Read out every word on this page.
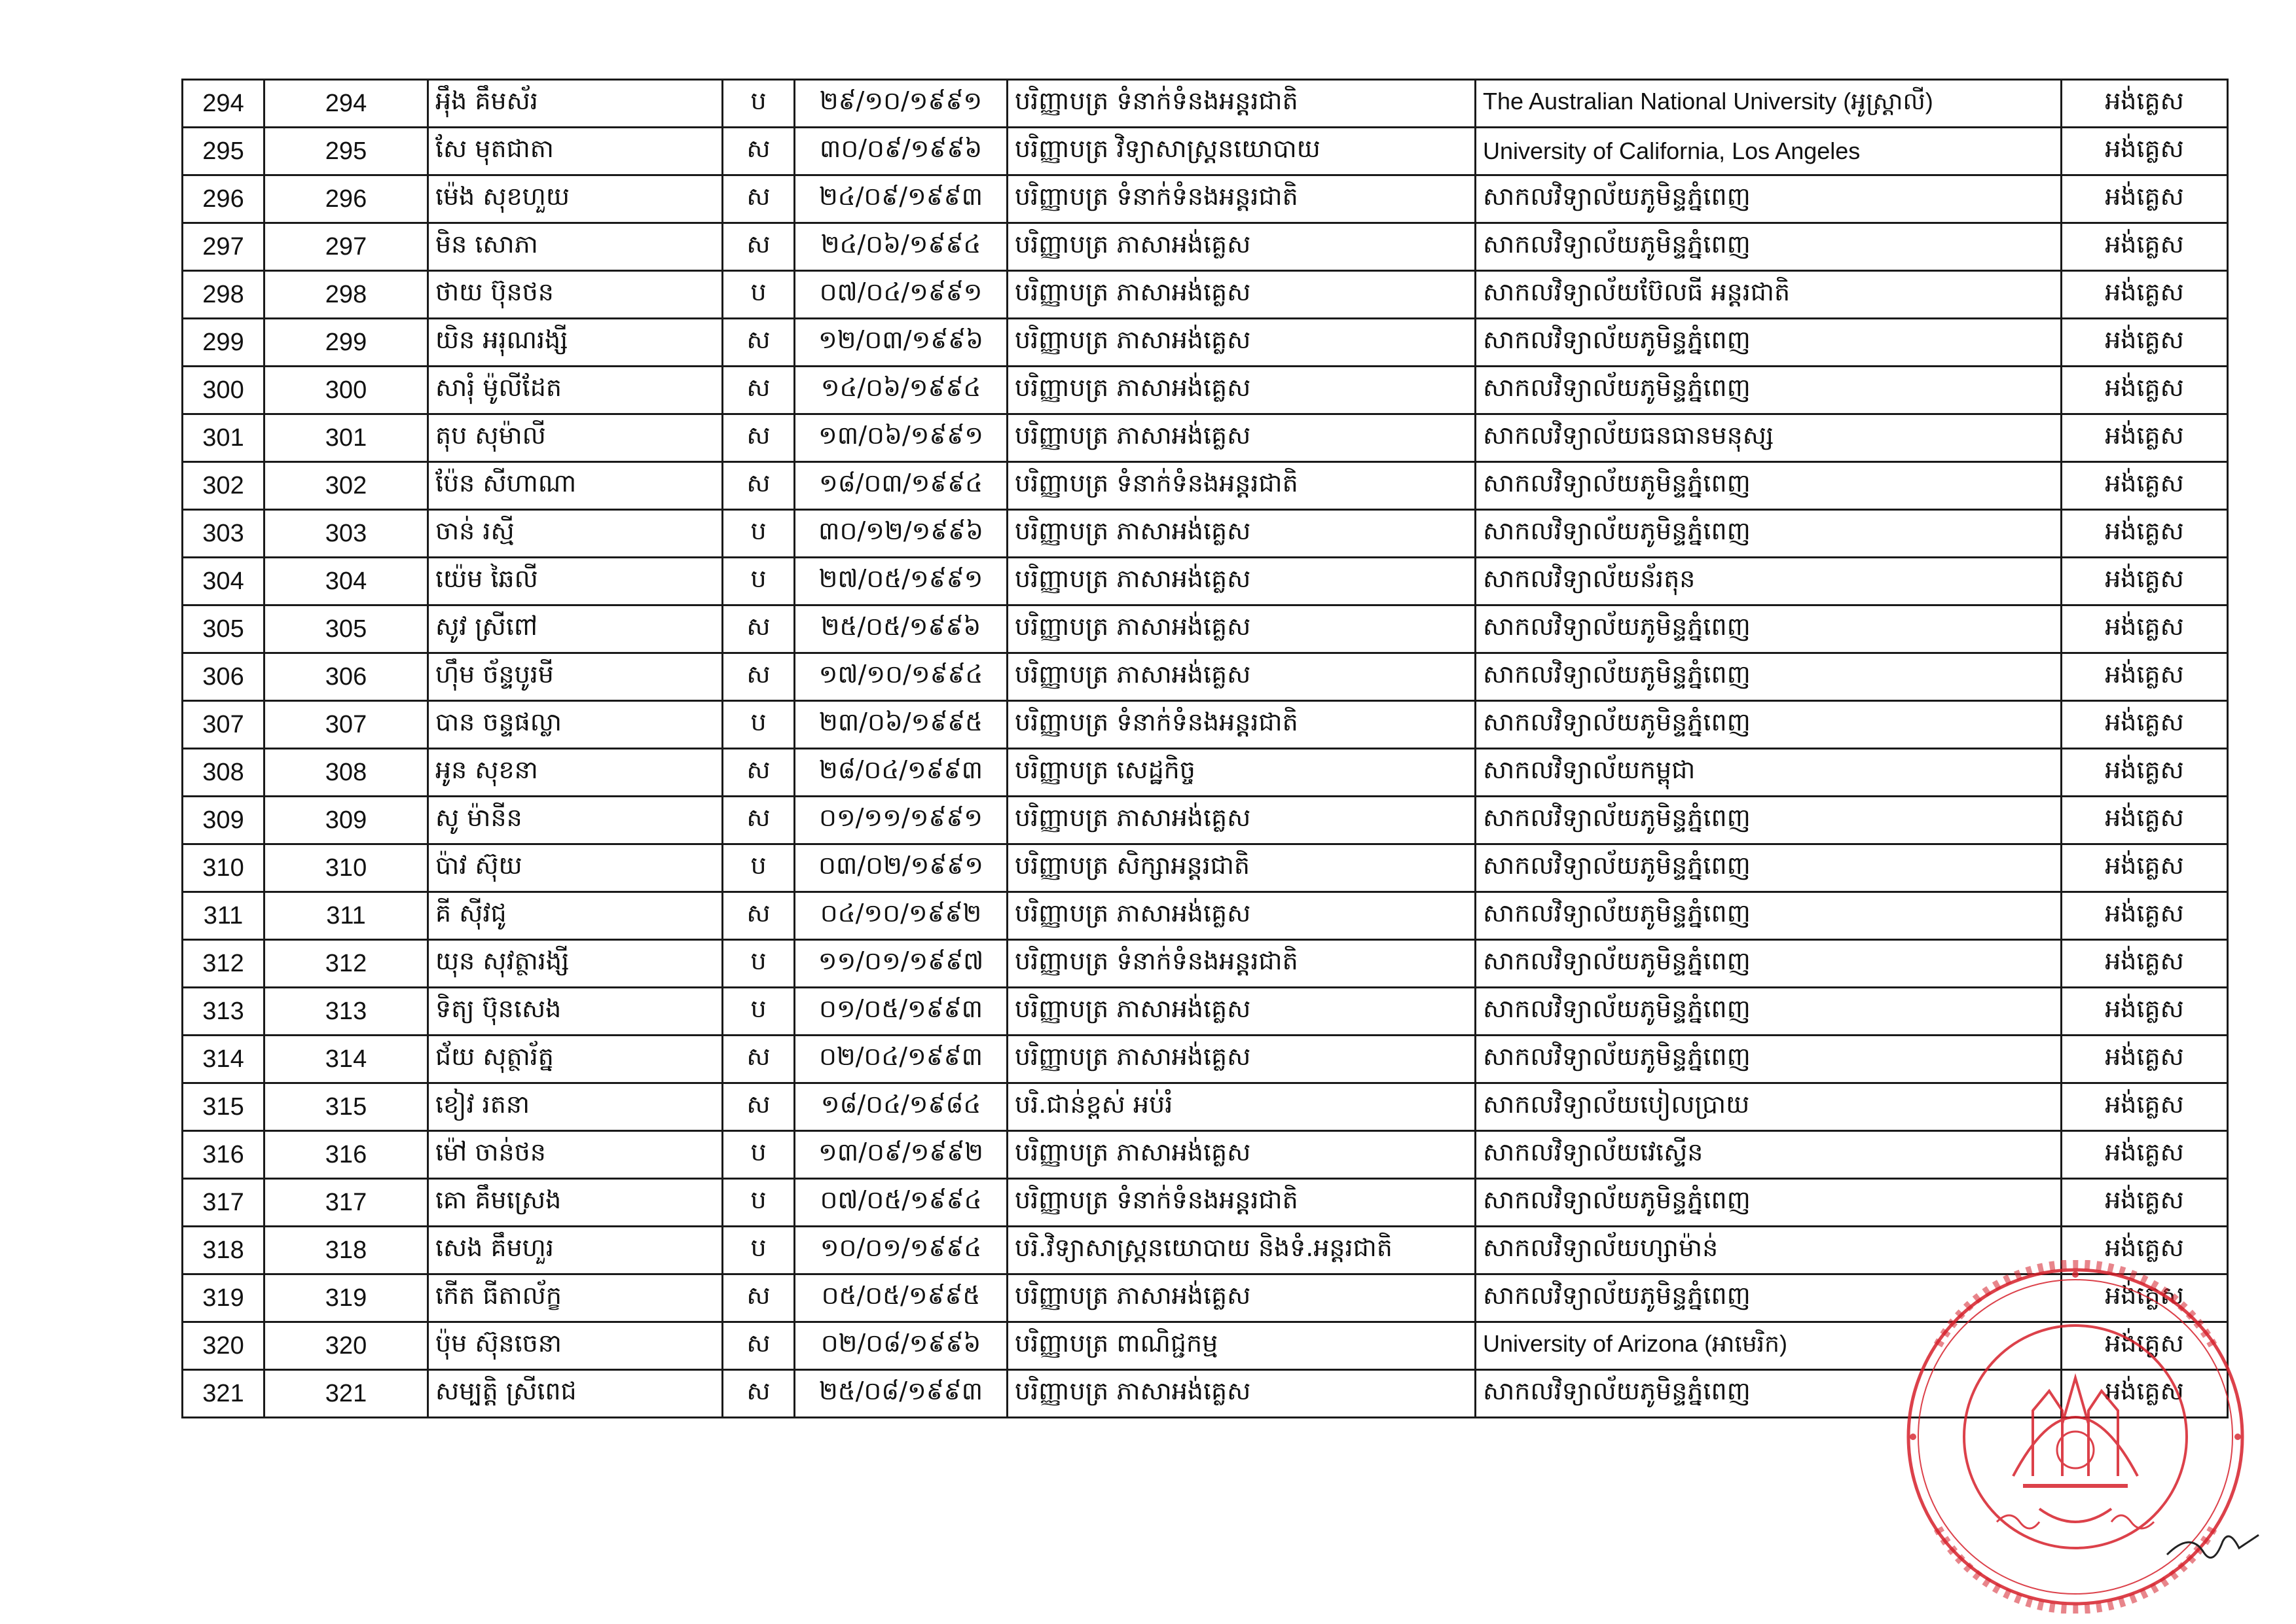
294	294	អុឹង គឹមស័រ	ប	២៩/១០/១៩៩១	បរិញ្ញាបត្រ ទំនាក់ទំនងអន្តរជាតិ	The Australian National University (អូស្ត្រាលី)	អង់គ្លេស
295	295	សែ មុតជាតា	ស	៣០/០៩/១៩៩៦	បរិញ្ញាបត្រ វិទ្យាសាស្ត្រនយោបាយ	University of California, Los Angeles	អង់គ្លេស
296	296	ម៉េង សុខហួយ	ស	២៤/០៩/១៩៩៣	បរិញ្ញាបត្រ ទំនាក់ទំនងអន្តរជាតិ	សាកលវិទ្យាល័យភូមិន្ទភ្នំពេញ	អង់គ្លេស
297	297	មិន សោភា	ស	២៤/០៦/១៩៩៤	បរិញ្ញាបត្រ ភាសាអង់គ្លេស	សាកលវិទ្យាល័យភូមិន្ទភ្នំពេញ	អង់គ្លេស
298	298	ថាយ ប៊ុនថន	ប	០៧/០៤/១៩៩១	បរិញ្ញាបត្រ ភាសាអង់គ្លេស	សាកលវិទ្យាល័យប៊ែលធី អន្តរជាតិ	អង់គ្លេស
299	299	យិន អរុណរង្សី	ស	១២/០៣/១៩៩៦	បរិញ្ញាបត្រ ភាសាអង់គ្លេស	សាកលវិទ្យាល័យភូមិន្ទភ្នំពេញ	អង់គ្លេស
300	300	សារុំ ម៉ូលីដែត	ស	១៤/០៦/១៩៩៤	បរិញ្ញាបត្រ ភាសាអង់គ្លេស	សាកលវិទ្យាល័យភូមិន្ទភ្នំពេញ	អង់គ្លេស
301	301	តុប សុម៉ាលី	ស	១៣/០៦/១៩៩១	បរិញ្ញាបត្រ ភាសាអង់គ្លេស	សាកលវិទ្យាល័យធនធានមនុស្ស	អង់គ្លេស
302	302	ប៉ែន សីហាណា	ស	១៨/០៣/១៩៩៤	បរិញ្ញាបត្រ ទំនាក់ទំនងអន្តរជាតិ	សាកលវិទ្យាល័យភូមិន្ទភ្នំពេញ	អង់គ្លេស
303	303	ចាន់ រស្មី	ប	៣០/១២/១៩៩៦	បរិញ្ញាបត្រ ភាសាអង់គ្លេស	សាកលវិទ្យាល័យភូមិន្ទភ្នំពេញ	អង់គ្លេស
304	304	យ៉េម ឆៃលី	ប	២៧/០៥/១៩៩១	បរិញ្ញាបត្រ ភាសាអង់គ្លេស	សាកលវិទ្យាល័យន័រតុន	អង់គ្លេស
305	305	សូវ ស្រីពៅ	ស	២៥/០៥/១៩៩៦	បរិញ្ញាបត្រ ភាសាអង់គ្លេស	សាកលវិទ្យាល័យភូមិន្ទភ្នំពេញ	អង់គ្លេស
306	306	ហ៊ឹម ច័ន្ទបូរមី	ស	១៧/១០/១៩៩៤	បរិញ្ញាបត្រ ភាសាអង់គ្លេស	សាកលវិទ្យាល័យភូមិន្ទភ្នំពេញ	អង់គ្លេស
307	307	បាន ចន្ទផល្លា	ប	២៣/០៦/១៩៩៥	បរិញ្ញាបត្រ ទំនាក់ទំនងអន្តរជាតិ	សាកលវិទ្យាល័យភូមិន្ទភ្នំពេញ	អង់គ្លេស
308	308	អូន សុខនា	ស	២៨/០៤/១៩៩៣	បរិញ្ញាបត្រ សេដ្ឋកិច្ច	សាកលវិទ្យាល័យកម្ពុជា	អង់គ្លេស
309	309	សូ ម៉ានីន	ស	០១/១១/១៩៩១	បរិញ្ញាបត្រ ភាសាអង់គ្លេស	សាកលវិទ្យាល័យភូមិន្ទភ្នំពេញ	អង់គ្លេស
310	310	ប៉ាវ ស៊ុយ	ប	០៣/០២/១៩៩១	បរិញ្ញាបត្រ សិក្សាអន្តរជាតិ	សាកលវិទ្យាល័យភូមិន្ទភ្នំពេញ	អង់គ្លេស
311	311	គី ស៊ីវជូ	ស	០៤/១០/១៩៩២	បរិញ្ញាបត្រ ភាសាអង់គ្លេស	សាកលវិទ្យាល័យភូមិន្ទភ្នំពេញ	អង់គ្លេស
312	312	យុន សុវត្ថារង្សី	ប	១១/០១/១៩៩៧	បរិញ្ញាបត្រ ទំនាក់ទំនងអន្តរជាតិ	សាកលវិទ្យាល័យភូមិន្ទភ្នំពេញ	អង់គ្លេស
313	313	ទិត្យ ប៊ុនសេង	ប	០១/០៥/១៩៩៣	បរិញ្ញាបត្រ ភាសាអង់គ្លេស	សាកលវិទ្យាល័យភូមិន្ទភ្នំពេញ	អង់គ្លេស
314	314	ជ័យ សុត្ថារ័ត្ន	ស	០២/០៤/១៩៩៣	បរិញ្ញាបត្រ ភាសាអង់គ្លេស	សាកលវិទ្យាល័យភូមិន្ទភ្នំពេញ	អង់គ្លេស
315	315	ខៀវ រតនា	ស	១៨/០៤/១៩៨៤	បរិ.ជាន់ខ្ពស់ អប់រំ	សាកលវិទ្យាល័យបៀលប្រាយ	អង់គ្លេស
316	316	ម៉ៅ ចាន់ថន	ប	១៣/០៩/១៩៩២	បរិញ្ញាបត្រ ភាសាអង់គ្លេស	សាកលវិទ្យាល័យវេស្ទើន	អង់គ្លេស
317	317	គោ គឹមស្រេង	ប	០៧/០៥/១៩៩៤	បរិញ្ញាបត្រ ទំនាក់ទំនងអន្តរជាតិ	សាកលវិទ្យាល័យភូមិន្ទភ្នំពេញ	អង់គ្លេស
318	318	សេង គឹមហួរ	ប	១០/០១/១៩៩៤	បរិ.វិទ្យាសាស្ត្រនយោបាយ និងទំ.អន្តរជាតិ	សាកលវិទ្យាល័យហ្សាម៉ាន់	អង់គ្លេស
319	319	កើត ធីតាល័ក្ខ	ស	០៥/០៥/១៩៩៥	បរិញ្ញាបត្រ ភាសាអង់គ្លេស	សាកលវិទ្យាល័យភូមិន្ទភ្នំពេញ	អង់គ្លេស
320	320	ប៉ុម ស៊ុនចេនា	ស	០២/០៨/១៩៩៦	បរិញ្ញាបត្រ ពាណិជ្ជកម្ម	University of Arizona (អាមេរិក)	អង់គ្លេស
321	321	សម្បត្តិ ស្រីពេជ	ស	២៥/០៨/១៩៩៣	បរិញ្ញាបត្រ ភាសាអង់គ្លេស	សាកលវិទ្យាល័យភូមិន្ទភ្នំពេញ	អង់គ្លេស
